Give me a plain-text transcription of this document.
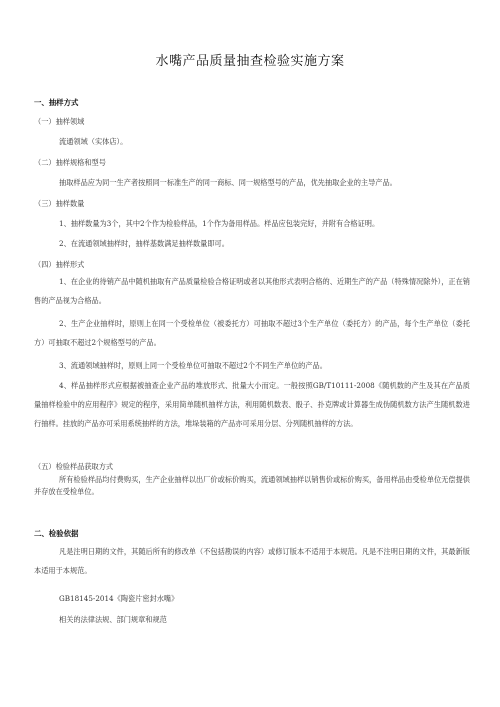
水嘴产品质量抽查检验实施方案
一、抽样方式
（一）抽样领域
流通领域（实体店）。
（二）抽样规格和型号
抽取样品应为同一生产者按照同一标准生产的同一商标、同一规格型号的产品，优先抽取企业的主导产品。
（三）抽样数量
1、抽样数量为3个，其中2个作为检验样品，1个作为备用样品。样品应包装完好，并附有合格证明。
2、在流通领域抽样时，抽样基数满足抽样数量即可。
（四）抽样形式

1、在企业的待销产品中随机抽取有产品质量检验合格证明或者以其他形式表明合格的、近期生产的产品（特殊情况除外），正在销售的产品视为合格品。

2、生产企业抽样时，原则上在同一个受检单位（被委托方）可抽取不超过3个生产单位（委托方）的产品，每个生产单位（委托方）可抽取不超过2个规格型号的产品。

3、流通领域抽样时，原则上同一个受检单位可抽取不超过2个不同生产单位的产品。

4、样品抽样形式应根据被抽查企业产品的堆放形式、批量大小而定。一般按照GB/T10111-2008《随机数的产生及其在产品质量抽样检验中的应用程序》规定的程序，采用简单随机抽样方法，利用随机数表、骰子、扑克牌或计算器生成伪随机数方法产生随机数进行抽样。挂放的产品亦可采用系统抽样的方法，堆垛装箱的产品亦可采用分层、分列随机抽样的方法。

（五）检验样品获取方式

所有检验样品均付费购买，生产企业抽样以出厂价或标价购买，流通领域抽样以销售价或标价购买，备用样品由受检单位无偿提供并存放在受检单位。

二、检验依据

凡是注明日期的文件，其随后所有的修改单（不包括勘误的内容）或修订版本不适用于本规范。凡是不注明日期的文件，其最新版本适用于本规范。

GB18145-2014《陶瓷片密封水嘴》
相关的法律法规、部门规章和规范
